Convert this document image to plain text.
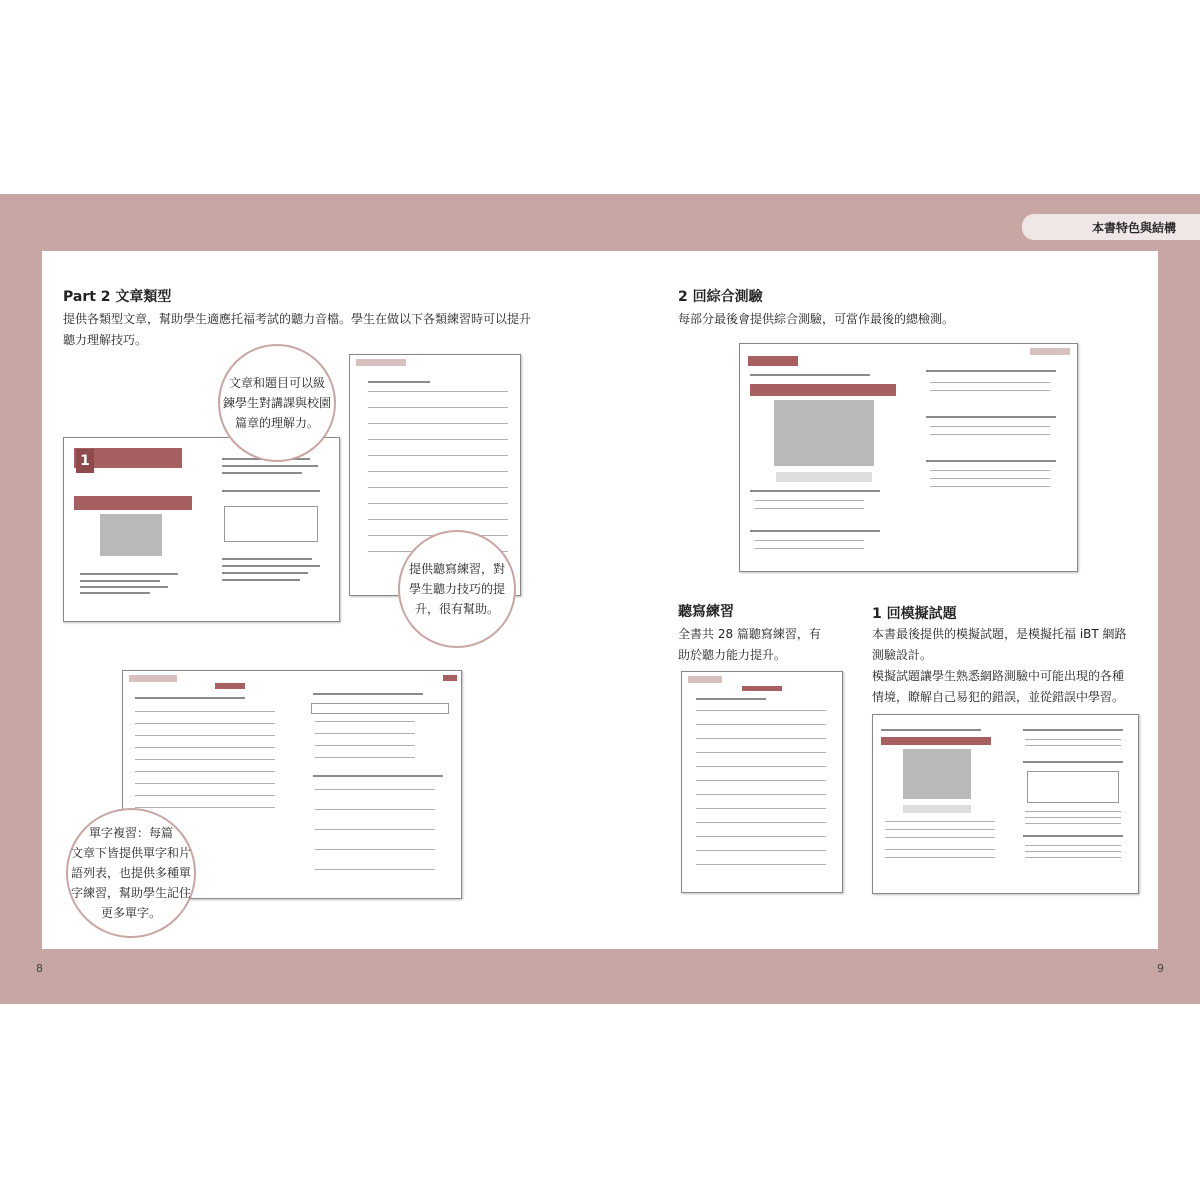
本書特色與結構
8	9
Part 2 文章類型

提供各類型文章，幫助學生適應托福考試的聽力音檔。學生在做以下各類練習時可以提升

聽力理解技巧。

1
文章和題目可以級
鍊學生對講課與校園
篇章的理解力。
提供聽寫練習，對
學生聽力技巧的提
升，很有幫助。
單字複習：每篇
文章下皆提供單字和片
語列表，也提供多種單
字練習，幫助學生記住
更多單字。
2 回綜合測驗

每部分最後會提供綜合測驗，可當作最後的總檢測。

聽寫練習

全書共 28 篇聽寫練習，有

助於聽力能力提升。

1 回模擬試題

本書最後提供的模擬試題，是模擬托福 iBT 網路

測驗設計。

模擬試題讓學生熟悉網路測驗中可能出現的各種

情境，瞭解自己易犯的錯誤，並從錯誤中學習。
